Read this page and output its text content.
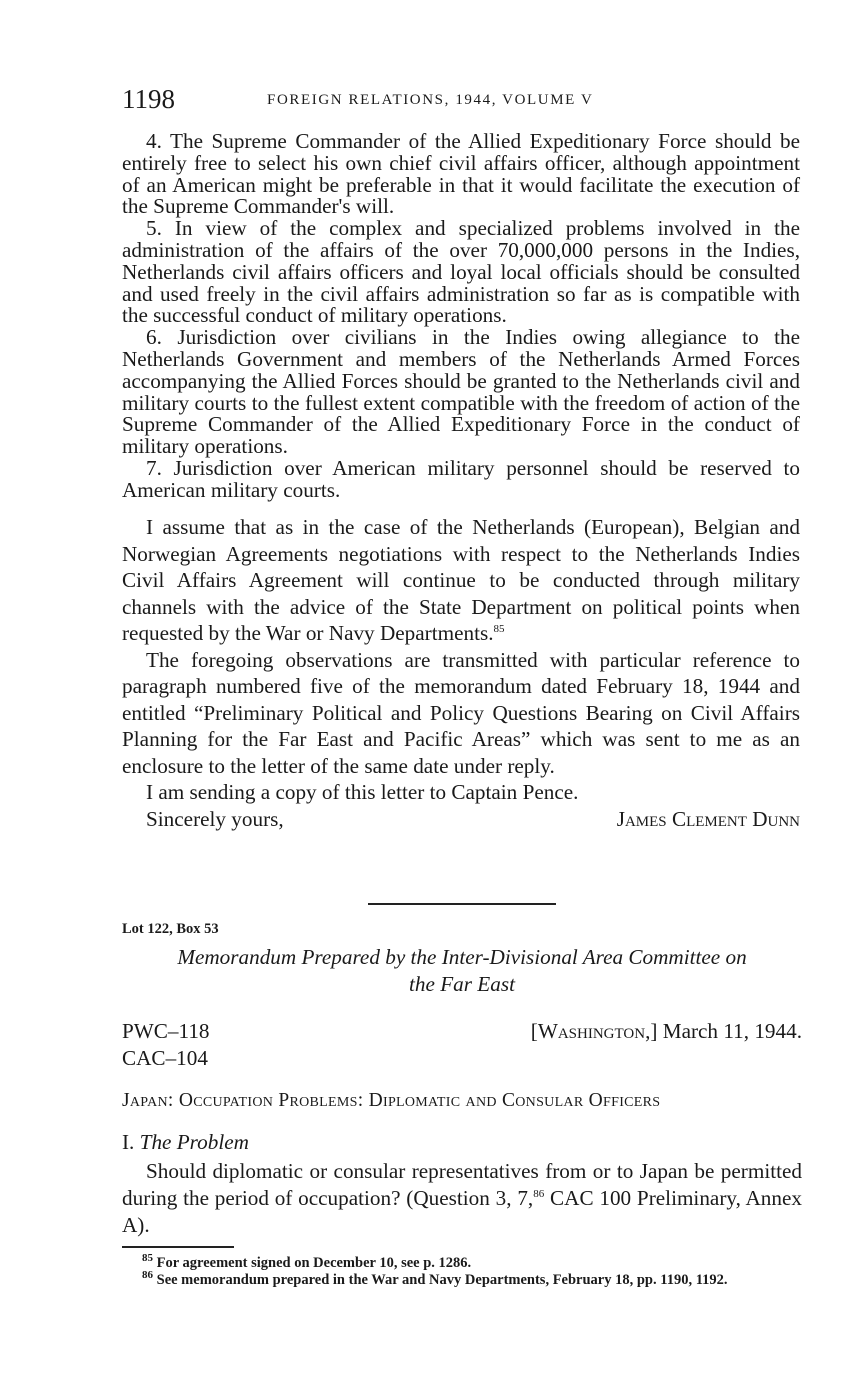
1198	FOREIGN RELATIONS, 1944, VOLUME V

4. The Supreme Commander of the Allied Expeditionary Force should be entirely free to select his own chief civil affairs officer, although appointment of an American might be preferable in that it would facilitate the execution of the Supreme Commander's will.

5. In view of the complex and specialized problems involved in the administration of the affairs of the over 70,000,000 persons in the Indies, Netherlands civil affairs officers and loyal local officials should be consulted and used freely in the civil affairs administration so far as is compatible with the successful conduct of military operations.

6. Jurisdiction over civilians in the Indies owing allegiance to the Netherlands Government and members of the Netherlands Armed Forces accompanying the Allied Forces should be granted to the Netherlands civil and military courts to the fullest extent compatible with the freedom of action of the Supreme Commander of the Allied Expeditionary Force in the conduct of military operations.

7. Jurisdiction over American military personnel should be reserved to American military courts.

I assume that as in the case of the Netherlands (European), Belgian and Norwegian Agreements negotiations with respect to the Netherlands Indies Civil Affairs Agreement will continue to be conducted through military channels with the advice of the State Department on political points when requested by the War or Navy Departments.$^{85}$

The foregoing observations are transmitted with particular reference to paragraph numbered five of the memorandum dated February 18, 1944 and entitled “Preliminary Political and Policy Questions Bearing on Civil Affairs Planning for the Far East and Pacific Areas” which was sent to me as an enclosure to the letter of the same date under reply.

I am sending a copy of this letter to Captain Pence.

Sincerely yours,	James Clement Dunn
Lot 122, Box 53
Memorandum Prepared by the Inter-Divisional Area Committee on
the Far East
PWC–118
CAC–104
[Washington,] March 11, 1944.
Japan: Occupation Problems: Diplomatic and Consular Officers
I. The Problem

Should diplomatic or consular representatives from or to Japan be permitted during the period of occupation? (Question 3, 7,86 CAC 100 Preliminary, Annex A).

$^{85}$ For agreement signed on December 10, see p. 1286.

$^{86}$ See memorandum prepared in the War and Navy Departments, February 18, pp. 1190, 1192.
